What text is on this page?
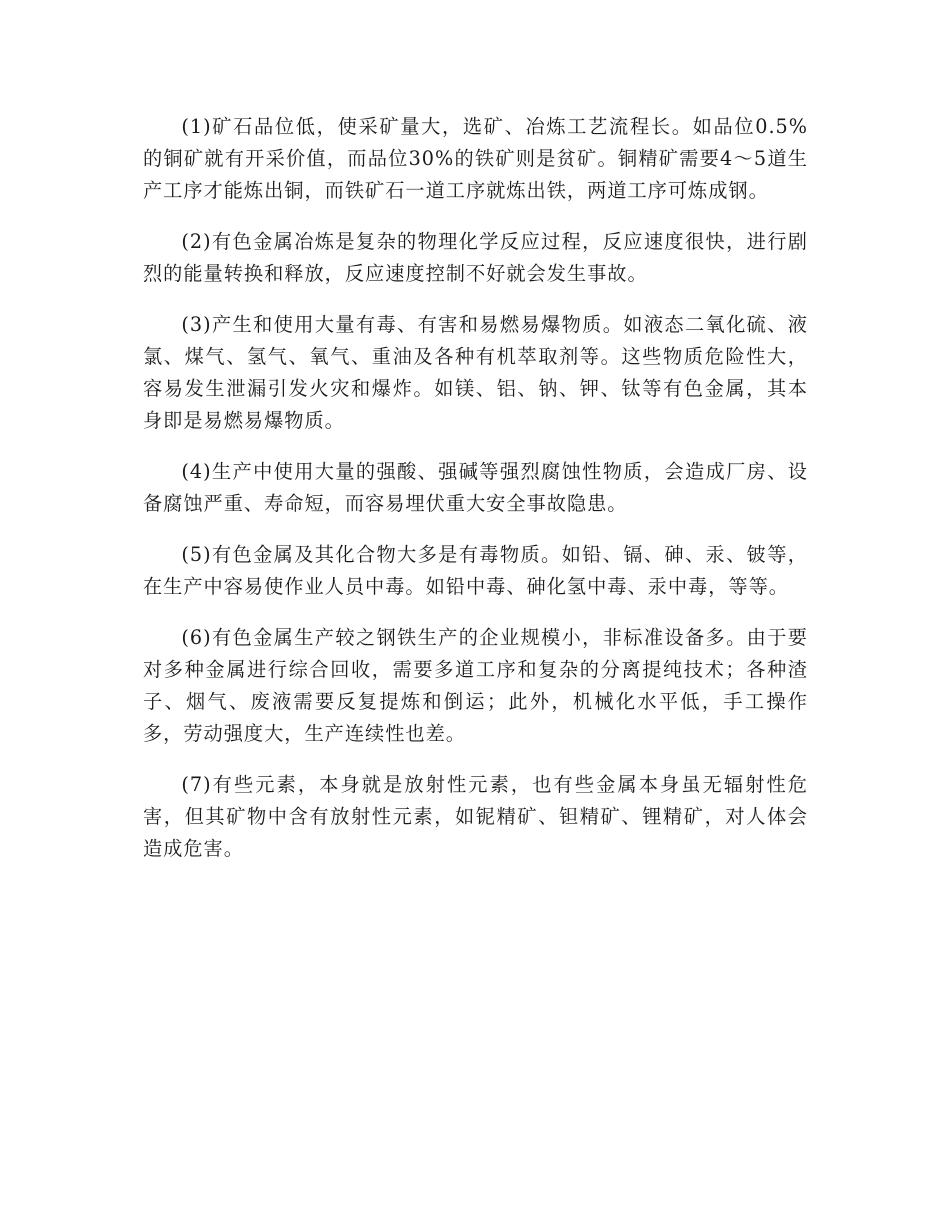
(1)矿石品位低，使采矿量大，选矿、冶炼工艺流程长。如品位0.5%的铜矿就有开采价值，而品位30%的铁矿则是贫矿。铜精矿需要4～5道生产工序才能炼出铜，而铁矿石一道工序就炼出铁，两道工序可炼成钢。

(2)有色金属冶炼是复杂的物理化学反应过程，反应速度很快，进行剧烈的能量转换和释放，反应速度控制不好就会发生事故。

(3)产生和使用大量有毒、有害和易燃易爆物质。如液态二氧化硫、液氯、煤气、氢气、氧气、重油及各种有机萃取剂等。这些物质危险性大，容易发生泄漏引发火灾和爆炸。如镁、铝、钠、钾、钛等有色金属，其本身即是易燃易爆物质。

(4)生产中使用大量的强酸、强碱等强烈腐蚀性物质，会造成厂房、设备腐蚀严重、寿命短，而容易埋伏重大安全事故隐患。

(5)有色金属及其化合物大多是有毒物质。如铅、镉、砷、汞、铍等，在生产中容易使作业人员中毒。如铅中毒、砷化氢中毒、汞中毒，等等。

(6)有色金属生产较之钢铁生产的企业规模小，非标准设备多。由于要对多种金属进行综合回收，需要多道工序和复杂的分离提纯技术；各种渣子、烟气、废液需要反复提炼和倒运；此外，机械化水平低，手工操作多，劳动强度大，生产连续性也差。

(7)有些元素，本身就是放射性元素，也有些金属本身虽无辐射性危害，但其矿物中含有放射性元素，如铌精矿、钽精矿、锂精矿，对人体会造成危害。
